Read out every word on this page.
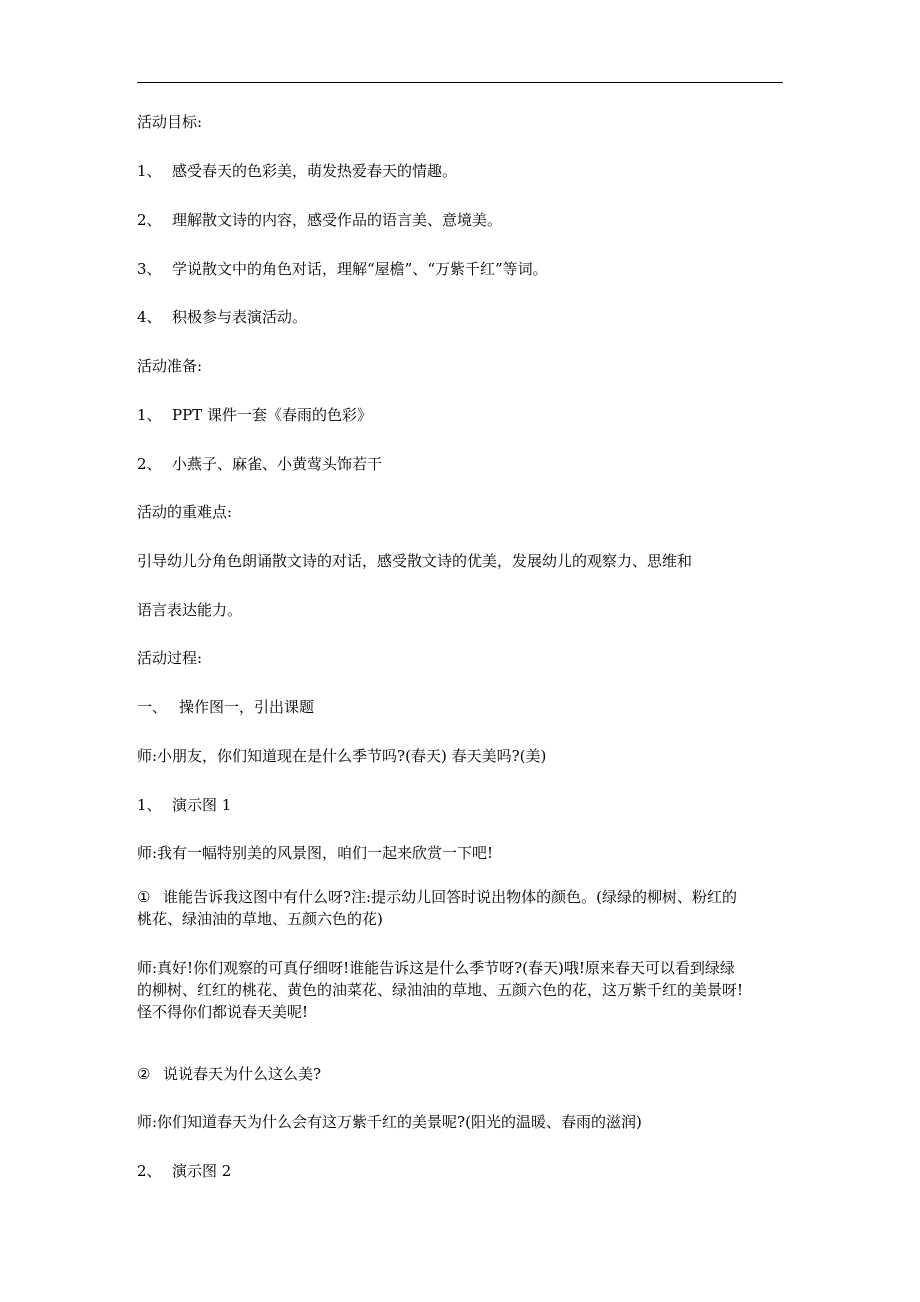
活动目标:
1、 感受春天的色彩美，萌发热爱春天的情趣。
2、 理解散文诗的内容，感受作品的语言美、意境美。
3、 学说散文中的角色对话，理解“屋檐”、“万紫千红”等词。
4、 积极参与表演活动。
活动准备:
1、 PPT 课件一套《春雨的色彩》
2、 小燕子、麻雀、小黄莺头饰若干
活动的重难点:
引导幼儿分角色朗诵散文诗的对话，感受散文诗的优美，发展幼儿的观察力、思维和
语言表达能力。
活动过程:
一、 操作图一，引出课题
师:小朋友，你们知道现在是什么季节吗?(春天) 春天美吗?(美)
1、 演示图 1
师:我有一幅特别美的风景图，咱们一起来欣赏一下吧!
① 谁能告诉我这图中有什么呀?注:提示幼儿回答时说出物体的颜色。(绿绿的柳树、粉红的
桃花、绿油油的草地、五颜六色的花)
师:真好!你们观察的可真仔细呀!谁能告诉这是什么季节呀?(春天)哦!原来春天可以看到绿绿
的柳树、红红的桃花、黄色的油菜花、绿油油的草地、五颜六色的花，这万紫千红的美景呀!
怪不得你们都说春天美呢!
② 说说春天为什么这么美?
师:你们知道春天为什么会有这万紫千红的美景呢?(阳光的温暖、春雨的滋润)
2、 演示图 2
